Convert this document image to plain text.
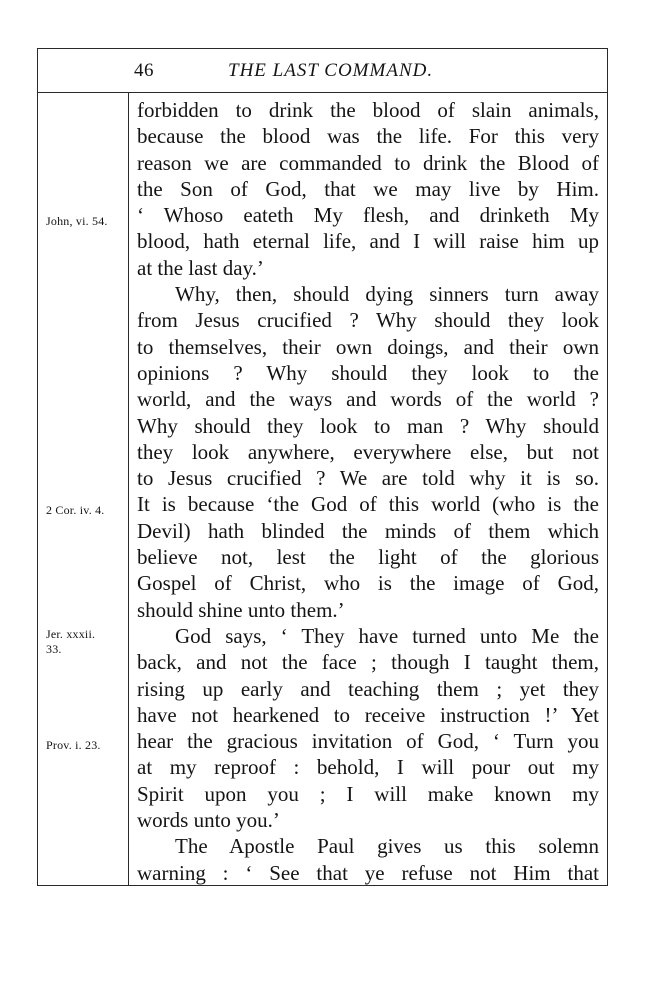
46	THE LAST COMMAND.
John, vi. 54.
2 Cor. iv. 4.
Jer. xxxii.
33.
Prov. i. 23.
forbidden to drink the blood of slain animals,
because the blood was the life. For this very
reason we are commanded to drink the Blood of
the Son of God, that we may live by Him.
‘ Whoso eateth My flesh, and drinketh My
blood, hath eternal life, and I will raise him up
at the last day.’
Why, then, should dying sinners turn away
from Jesus crucified ? Why should they look
to themselves, their own doings, and their own
opinions ? Why should they look to the
world, and the ways and words of the world ?
Why should they look to man ? Why should
they look anywhere, everywhere else, but not
to Jesus crucified ? We are told why it is so.
It is because ‘the God of this world (who is the
Devil) hath blinded the minds of them which
believe not, lest the light of the glorious
Gospel of Christ, who is the image of God,
should shine unto them.’
God says, ‘ They have turned unto Me the
back, and not the face ; though I taught them,
rising up early and teaching them ; yet they
have not hearkened to receive instruction !’ Yet
hear the gracious invitation of God, ‘ Turn you
at my reproof : behold, I will pour out my
Spirit upon you ; I will make known my
words unto you.’
The Apostle Paul gives us this solemn
warning : ‘ See that ye refuse not Him that
